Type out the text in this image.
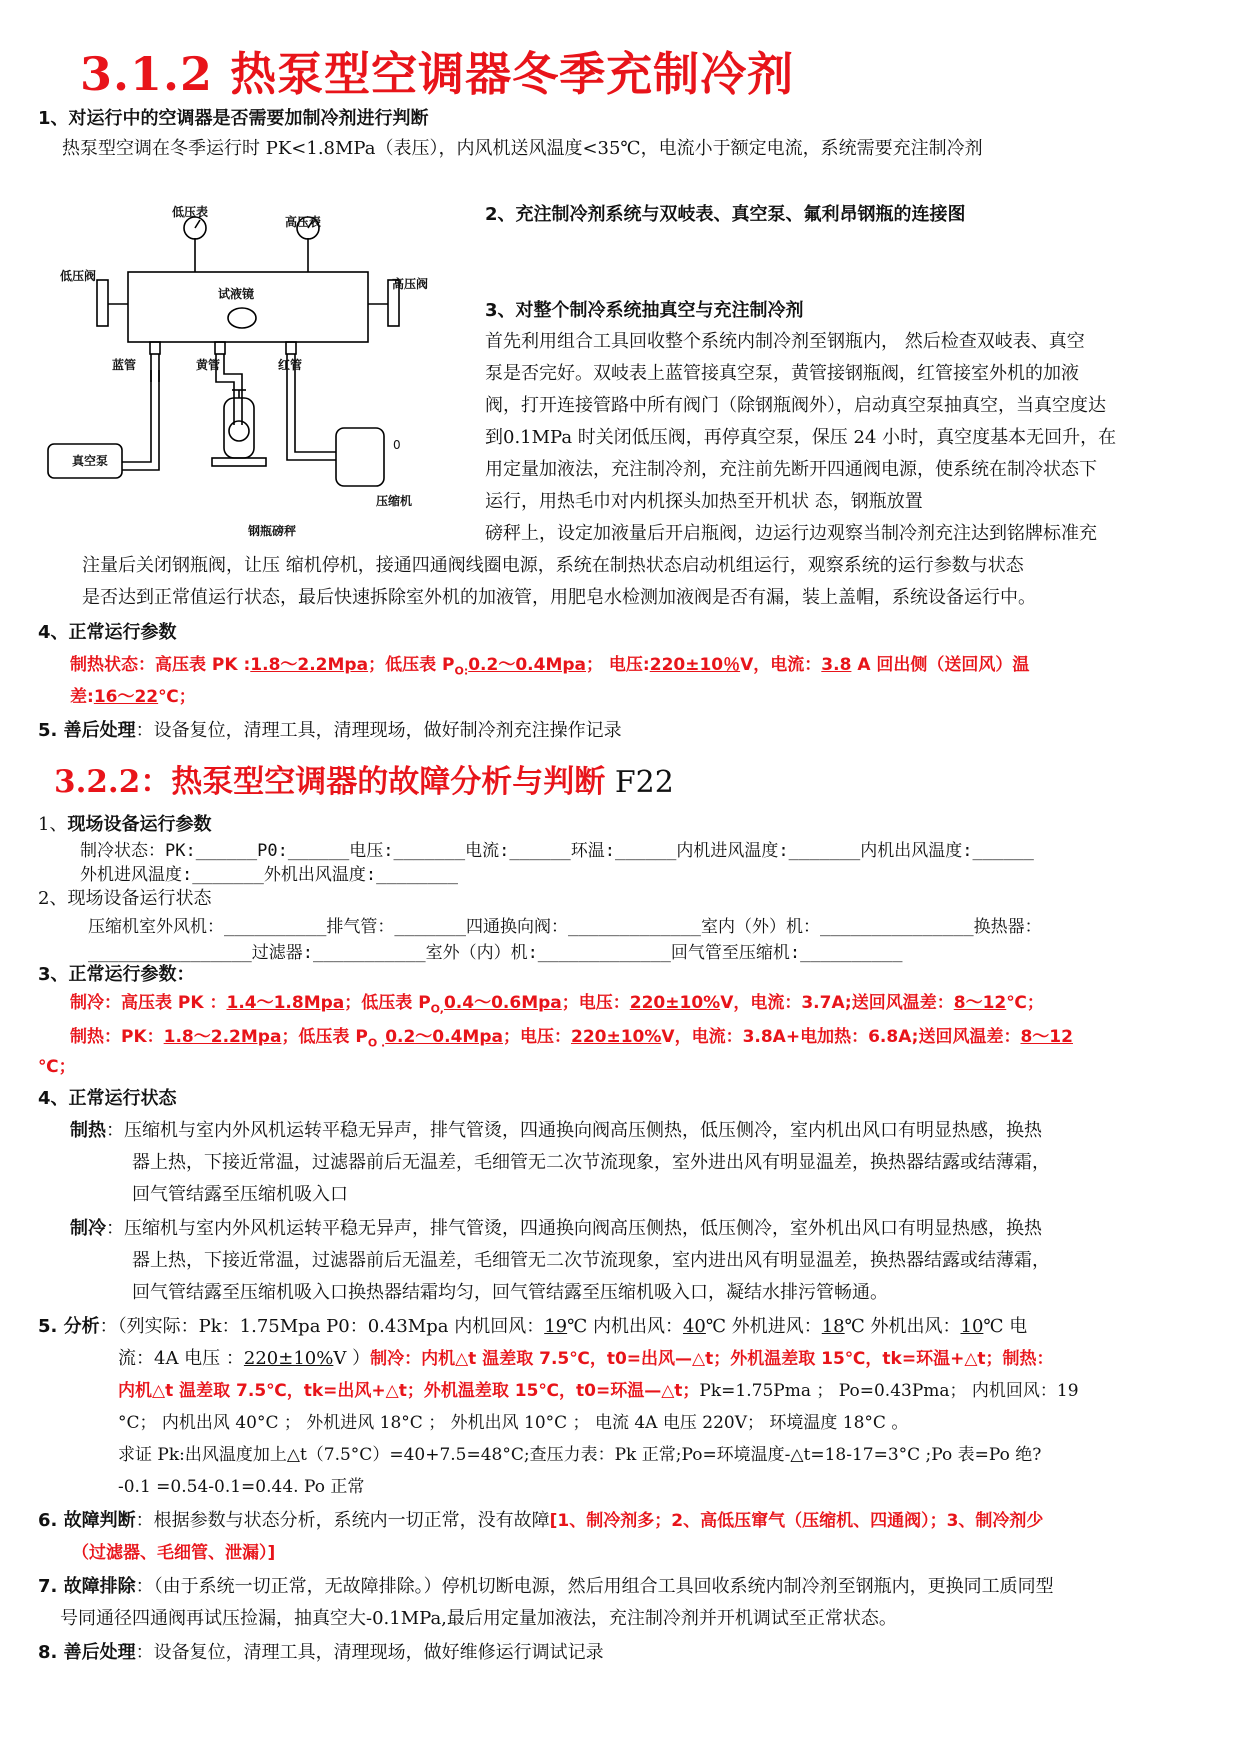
3.1.2 热泵型空调器冬季充制冷剂
1、对运行中的空调器是否需要加制冷剂进行判断
热泵型空调在冬季运行时 PK<1.8MPa（表压），内风机送风温度<35℃，电流小于额定电流，系统需要充注制冷剂
低压表
高压表
低压阀
高压阀
试液镜
蓝管	黄管	红管
真空泵
0
压缩机
钢瓶磅秤
2、充注制冷剂系统与双岐表、真空泵、氟利昂钢瓶的连接图
3、对整个制冷系统抽真空与充注制冷剂
首先利用组合工具回收整个系统内制冷剂至钢瓶内， 然后检查双岐表、真空
泵是否完好。双岐表上蓝管接真空泵，黄管接钢瓶阀，红管接室外机的加液
阀，打开连接管路中所有阀门（除钢瓶阀外），启动真空泵抽真空，当真空度达
到0.1MPa 时关闭低压阀，再停真空泵，保压 24 小时，真空度基本无回升，在
用定量加液法，充注制冷剂，充注前先断开四通阀电源，使系统在制冷状态下
运行，用热毛巾对内机探头加热至开机状 态，钢瓶放置
磅秤上，设定加液量后开启瓶阀，边运行边观察当制冷剂充注达到铭牌标准充
注量后关闭钢瓶阀，让压 缩机停机，接通四通阀线圈电源，系统在制热状态启动机组运行，观察系统的运行参数与状态
是否达到正常值运行状态，最后快速拆除室外机的加液管，用肥皂水检测加液阀是否有漏，装上盖帽，系统设备运行中。
4、正常运行参数
制热状态：高压表 PK :1.8～2.2Mpa；低压表 $P_{O:}0.2\sim 0.4Mpa$； 电压:220±10％V，电流：3.8 A 回出侧（送回风）温
差:16～22℃；
5. 善后处理：设备复位，清理工具，清理现场，做好制冷剂充注操作记录
3.2.2：热泵型空调器的故障分析与判断 F22
1、现场设备运行参数
制冷状态：PK:______P0:______电压:_______电流:______环温:______内机进风温度:_______内机出风温度:______
外机进风温度:_______外机出风温度:________
2、现场设备运行状态
压缩机室外风机：__________排气管：_______四通换向阀：_____________室内（外）机：_______________换热器：
________________过滤器:___________室外（内）机:_____________回气管至压缩机:__________
3、正常运行参数：
制冷：高压表 PK ：1.4～1.8Mpa；低压表 $P_{O,}0.4\sim 0.6Mpa$；电压：220±10%V，电流：3.7A;送回风温差：8～12℃；
制热：PK：1.8～2.2Mpa；低压表 $P_{O .}0.2\sim 0.4Mpa$；电压：220±10%V，电流：3.8A+电加热：6.8A;送回风温差：8～12
℃；
4、正常运行状态
制热：压缩机与室内外风机运转平稳无异声，排气管烫，四通换向阀高压侧热，低压侧冷，室内机出风口有明显热感，换热
器上热，下接近常温，过滤器前后无温差，毛细管无二次节流现象，室外进出风有明显温差，换热器结露或结薄霜，
回气管结露至压缩机吸入口
制冷：压缩机与室内外风机运转平稳无异声，排气管烫，四通换向阀高压侧热，低压侧冷，室外机出风口有明显热感，换热
器上热，下接近常温，过滤器前后无温差，毛细管无二次节流现象，室内进出风有明显温差，换热器结露或结薄霜，
回气管结露至压缩机吸入口换热器结霜均匀，回气管结露至压缩机吸入口，凝结水排污管畅通。
5. 分析：（列实际：Pk：1.75Mpa P0：0.43Mpa 内机回风：19℃ 内机出风：40℃ 外机进风：18℃ 外机出风：10℃ 电
流：4A 电压 ：220±10%V ）制冷：内机△t 温差取 7.5℃，t0=出风—△t；外机温差取 15℃，tk=环温+△t；制热：
内机△t 温差取 7.5℃，tk=出风+△t；外机温差取 15℃，t0=环温—△t；Pk=1.75Pma ； Po=0.43Pma； 内机回风：19
°C； 内机出风 40°C ； 外机进风 18°C ； 外机出风 10°C ； 电流 4A 电压 220V； 环境温度 18°C 。
求证 Pk:出风温度加上△t（7.5°C）=40+7.5=48°C;查压力表：Pk 正常;Po=环境温度-△t=18-17=3°C ;Po 表=Po 绝?
-0.1 =0.54-0.1=0.44. Po 正常
6. 故障判断：根据参数与状态分析，系统内一切正常，没有故障[1、制冷剂多；2、高低压窜气（压缩机、四通阀）；3、制冷剂少
（过滤器、毛细管、泄漏）]
7. 故障排除：（由于系统一切正常，无故障排除。）停机切断电源，然后用组合工具回收系统内制冷剂至钢瓶内，更换同工质同型
号同通径四通阀再试压捡漏，抽真空大-0.1MPa,最后用定量加液法，充注制冷剂并开机调试至正常状态。
8. 善后处理：设备复位，清理工具，清理现场，做好维修运行调试记录
